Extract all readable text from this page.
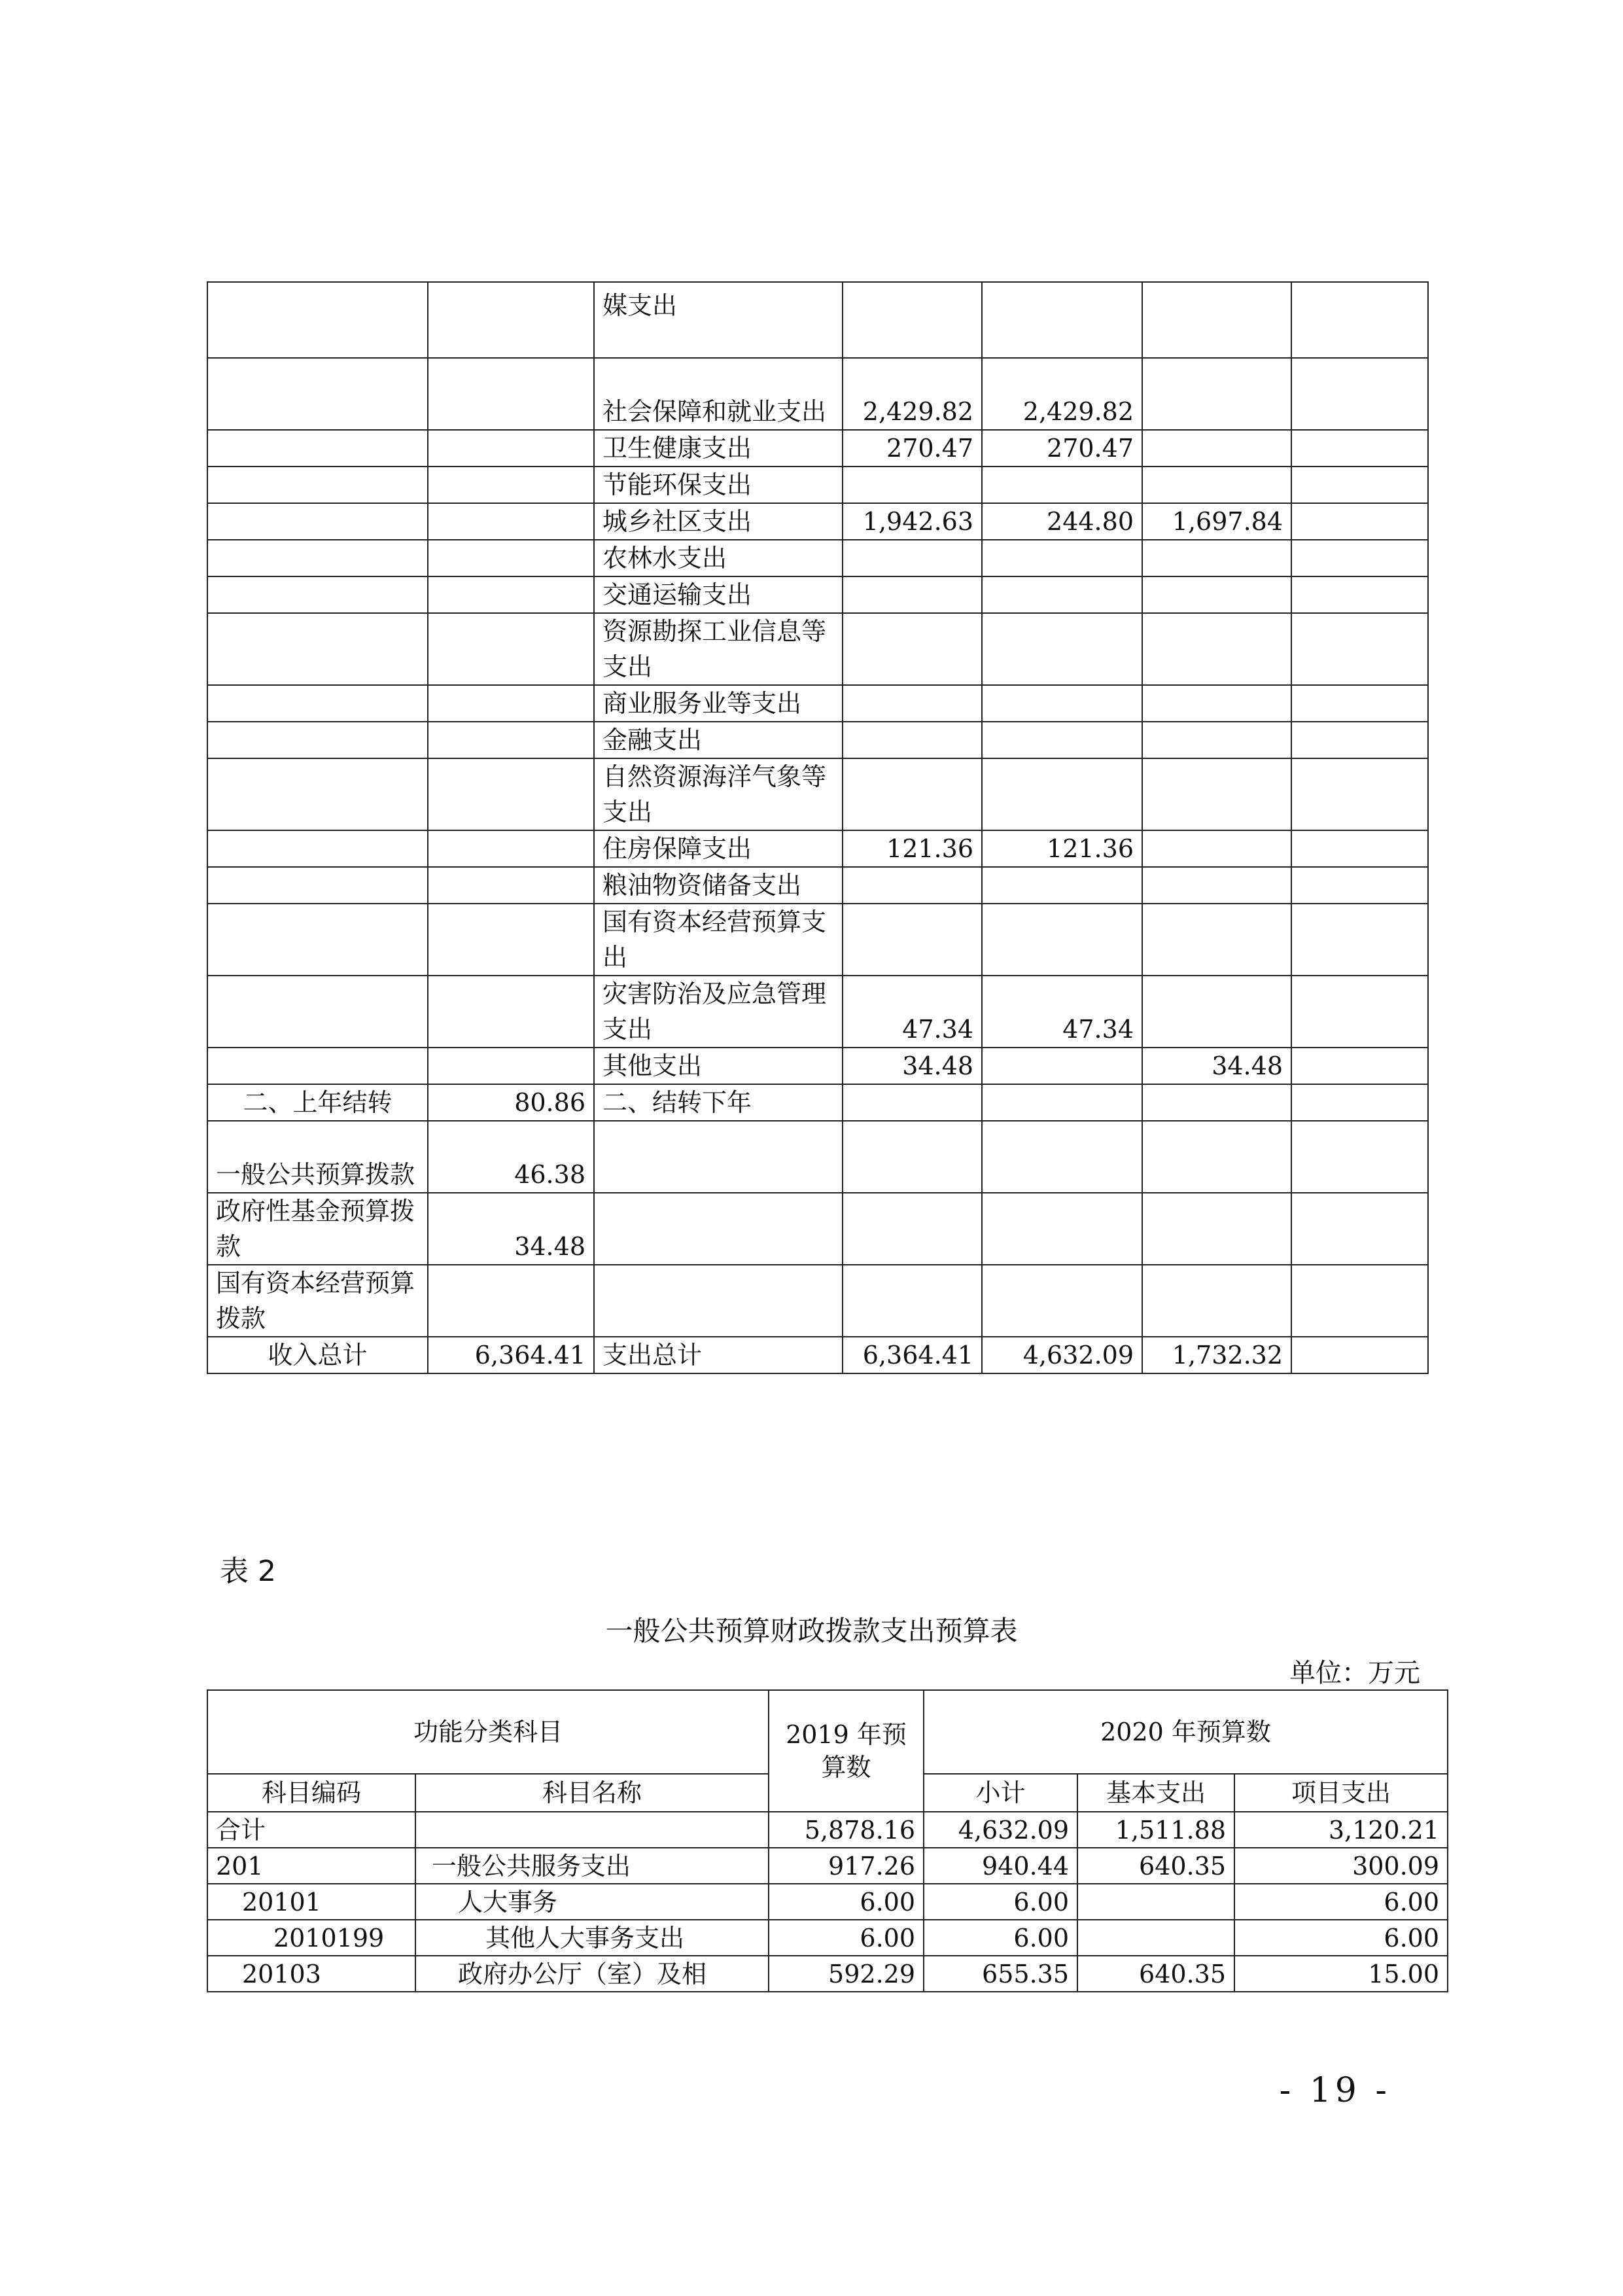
		媒支出				
		社会保障和就业支出	2,429.82	2,429.82		
		卫生健康支出	270.47	270.47		
		节能环保支出				
		城乡社区支出	1,942.63	244.80	1,697.84	
		农林水支出				
		交通运输支出				
		资源勘探工业信息等支出				
		商业服务业等支出				
		金融支出				
		自然资源海洋气象等支出				
		住房保障支出	121.36	121.36		
		粮油物资储备支出				
		国有资本经营预算支出				
		灾害防治及应急管理支出	47.34	47.34		
		其他支出	34.48		34.48	
二、上年结转	80.86	二、结转下年				
一般公共预算拨款	46.38					
政府性基金预算拨款	34.48					
国有资本经营预算拨款						
收入总计	6,364.41	支出总计	6,364.41	4,632.09	1,732.32	
表 2
一般公共预算财政拨款支出预算表
单位：万元
功能分类科目		2019 年预算数	2020 年预算数		
科目编码	科目名称		小计	基本支出	项目支出
合计		5,878.16	4,632.09	1,511.88	3,120.21
201	一般公共服务支出	917.26	940.44	640.35	300.09
20101	人大事务	6.00	6.00		6.00
2010199	其他人大事务支出	6.00	6.00		6.00
20103	政府办公厅（室）及相	592.29	655.35	640.35	15.00
- 19 -
